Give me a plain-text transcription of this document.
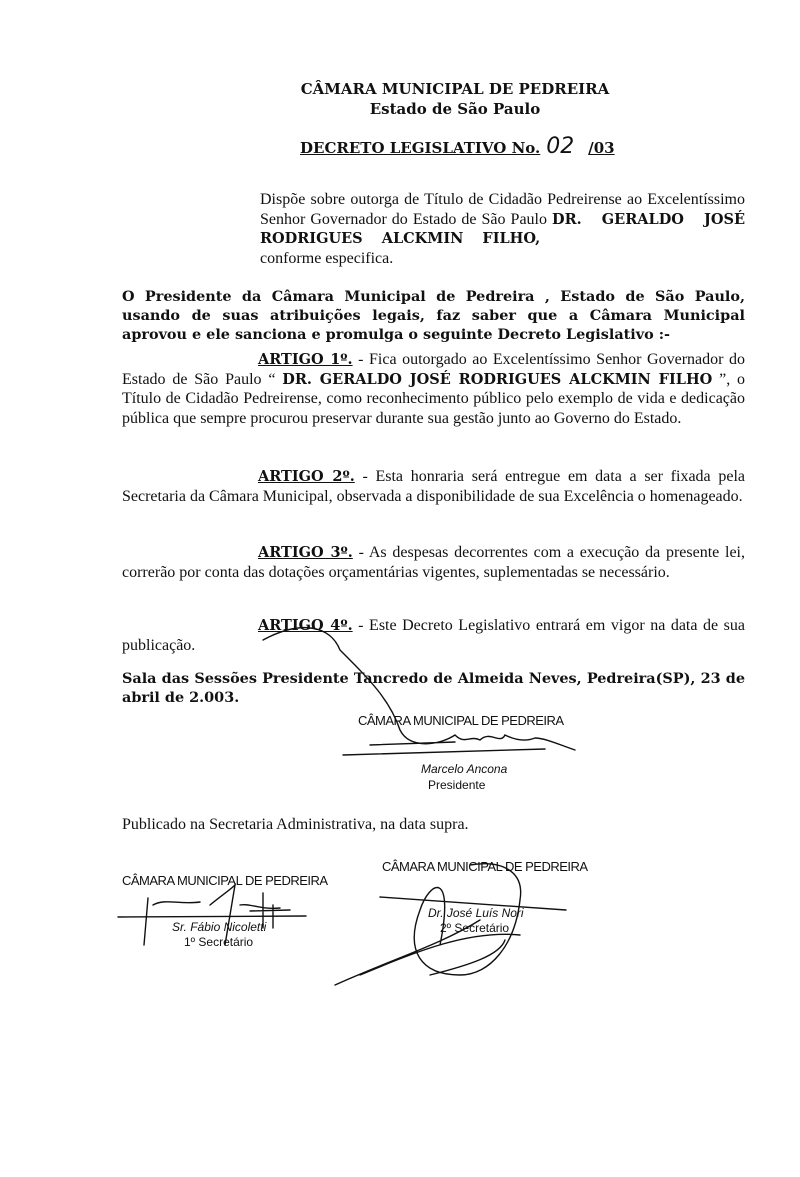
CÂMARA MUNICIPAL DE PEDREIRA
Estado de São Paulo
DECRETO LEGISLATIVO No. 02 /03
Dispõe sobre outorga de Título de Cidadão Pedreirense ao Excelentíssimo Senhor Governador do Estado de São Paulo DR. GERALDO JOSÉ RODRIGUES ALCKMIN FILHO,
conforme especifica.

O Presidente da Câmara Municipal de Pedreira , Estado de São Paulo, usando de suas atribuições legais, faz saber que a Câmara Municipal aprovou e ele sanciona e promulga o seguinte Decreto Legislativo :-

ARTIGO 1º. - Fica outorgado ao Excelentíssimo Senhor Governador do Estado de São Paulo “ DR. GERALDO JOSÉ RODRIGUES ALCKMIN FILHO ”, o Título de Cidadão Pedreirense, como reconhecimento público pelo exemplo de vida e dedicação pública que sempre procurou preservar durante sua gestão junto ao Governo do Estado.

ARTIGO 2º. - Esta honraria será entregue em data a ser fixada pela Secretaria da Câmara Municipal, observada a disponibilidade de sua Excelência o homenageado.

ARTIGO 3º. - As despesas decorrentes com a execução da presente lei, correrão por conta das dotações orçamentárias vigentes, suplementadas se necessário.

ARTIGO 4º. - Este Decreto Legislativo entrará em vigor na data de sua publicação.

Sala das Sessões Presidente Tancredo de Almeida Neves, Pedreira(SP), 23 de abril de 2.003.

CÂMARA MUNICIPAL DE PEDREIRA
Marcelo Ancona
Presidente

Publicado na Secretaria Administrativa, na data supra.

CÂMARA MUNICIPAL DE PEDREIRA
Sr. Fábio Nicoletti
1º Secretário
CÂMARA MUNICIPAL DE PEDREIRA
Dr. José Luís Nori
2º Secretário
